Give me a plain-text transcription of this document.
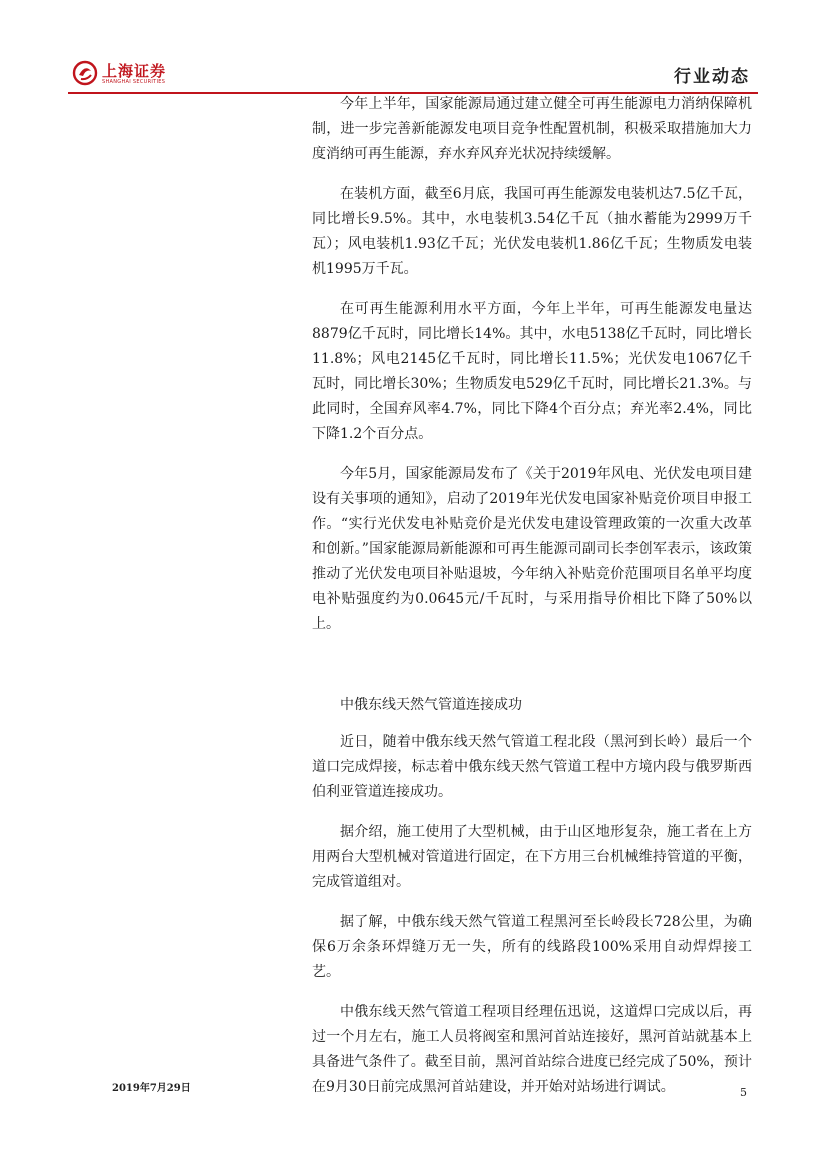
上海证券
SHANGHAI SECURITIES	行业动态

今年上半年，国家能源局通过建立健全可再生能源电力消纳保障机制，进一步完善新能源发电项目竞争性配置机制，积极采取措施加大力度消纳可再生能源，弃水弃风弃光状况持续缓解。

在装机方面，截至6月底，我国可再生能源发电装机达7.5亿千瓦，同比增长9.5%。其中，水电装机3.54亿千瓦（抽水蓄能为2999万千瓦）；风电装机1.93亿千瓦；光伏发电装机1.86亿千瓦；生物质发电装机1995万千瓦。

在可再生能源利用水平方面，今年上半年，可再生能源发电量达8879亿千瓦时，同比增长14%。其中，水电5138亿千瓦时，同比增长11.8%；风电2145亿千瓦时，同比增长11.5%；光伏发电1067亿千瓦时，同比增长30%；生物质发电529亿千瓦时，同比增长21.3%。与此同时，全国弃风率4.7%，同比下降4个百分点；弃光率2.4%，同比下降1.2个百分点。

今年5月，国家能源局发布了《关于2019年风电、光伏发电项目建设有关事项的通知》，启动了2019年光伏发电国家补贴竞价项目申报工作。“实行光伏发电补贴竞价是光伏发电建设管理政策的一次重大改革和创新。”国家能源局新能源和可再生能源司副司长李创军表示，该政策推动了光伏发电项目补贴退坡，今年纳入补贴竞价范围项目名单平均度电补贴强度约为0.0645元/千瓦时，与采用指导价相比下降了50%以上。

中俄东线天然气管道连接成功

近日，随着中俄东线天然气管道工程北段（黑河到长岭）最后一个道口完成焊接，标志着中俄东线天然气管道工程中方境内段与俄罗斯西伯利亚管道连接成功。

据介绍，施工使用了大型机械，由于山区地形复杂，施工者在上方用两台大型机械对管道进行固定，在下方用三台机械维持管道的平衡，完成管道组对。

据了解，中俄东线天然气管道工程黑河至长岭段长728公里，为确保6万余条环焊缝万无一失，所有的线路段100%采用自动焊焊接工艺。

中俄东线天然气管道工程项目经理伍迅说，这道焊口完成以后，再过一个月左右，施工人员将阀室和黑河首站连接好，黑河首站就基本上具备进气条件了。截至目前，黑河首站综合进度已经完成了50%，预计在9月30日前完成黑河首站建设，并开始对站场进行调试。

2019年7月29日	5
